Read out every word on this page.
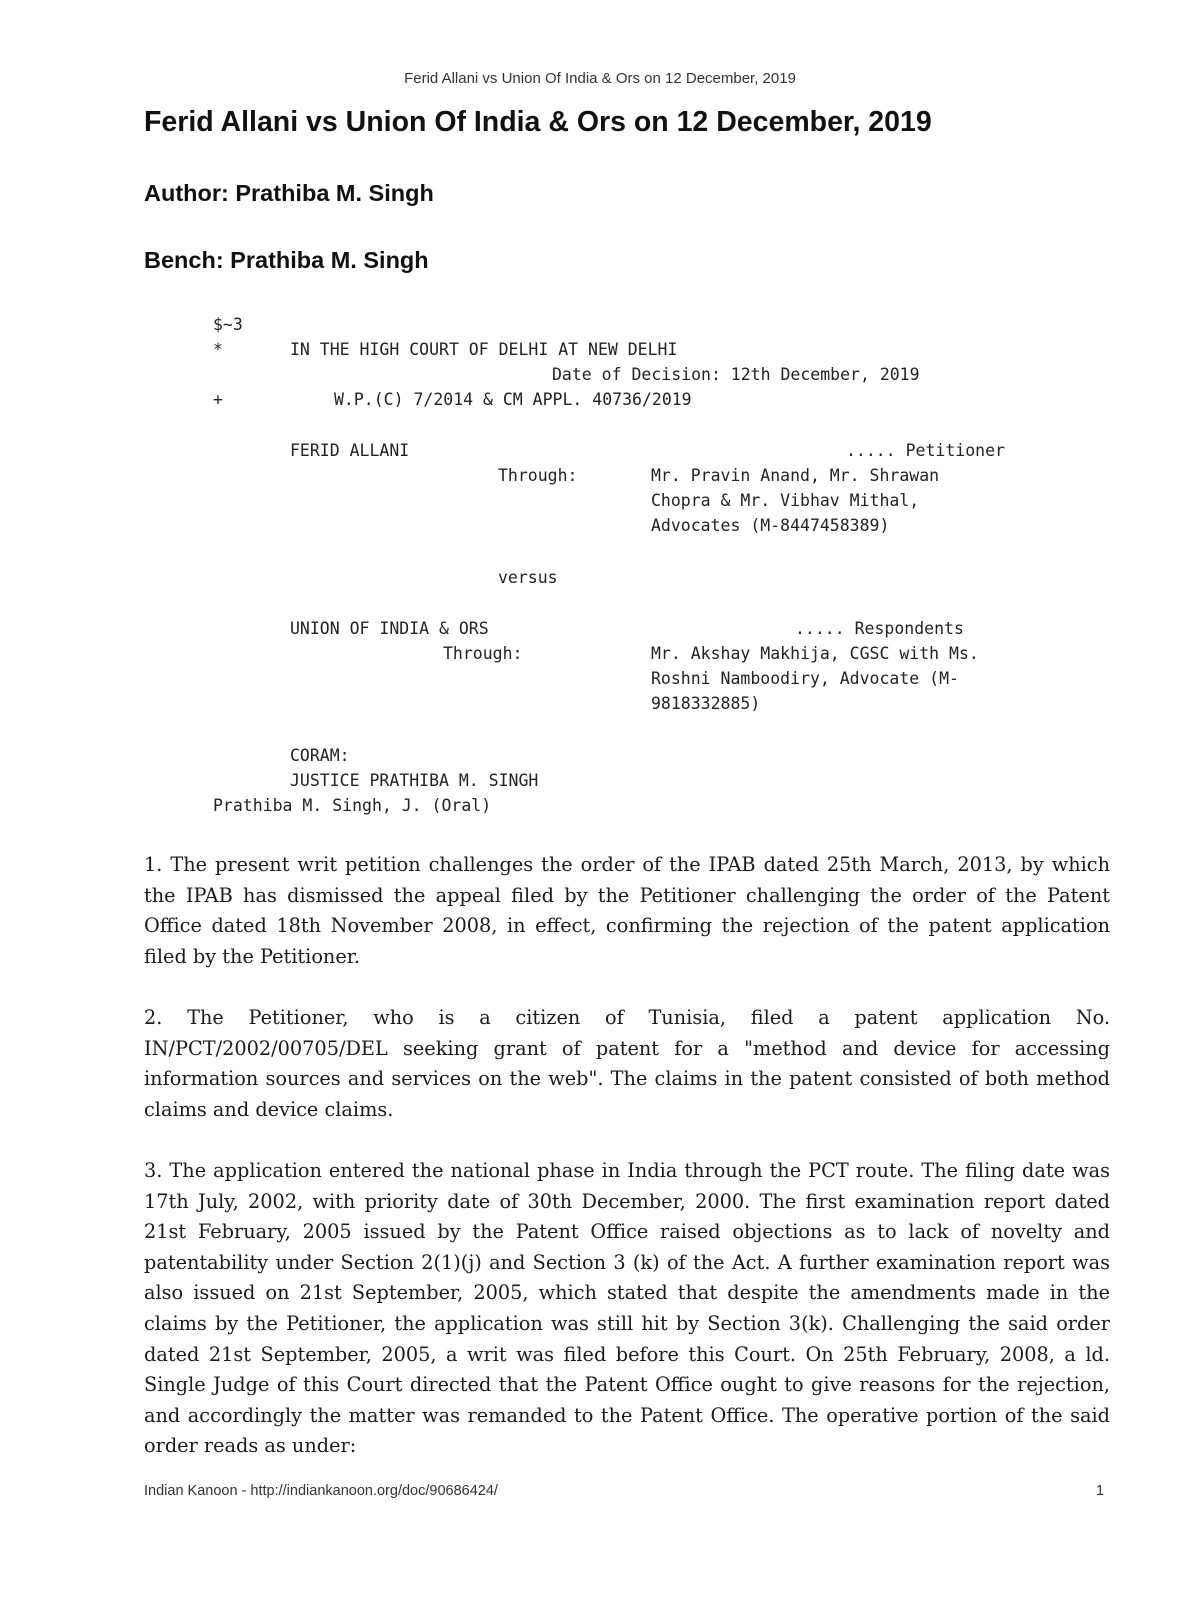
Ferid Allani vs Union Of India & Ors on 12 December, 2019
Ferid Allani vs Union Of India & Ors on 12 December, 2019
Author: Prathiba M. Singh
Bench: Prathiba M. Singh
$~3
*	IN THE HIGH COURT OF DELHI AT NEW DELHI
Date of Decision: 12th December, 2019
+	W.P.(C) 7/2014 & CM APPL. 40736/2019
FERID ALLANI	..... Petitioner
Through:	Mr. Pravin Anand, Mr. Shrawan
Chopra & Mr. Vibhav Mithal,
Advocates (M-8447458389)
versus
UNION OF INDIA & ORS	..... Respondents
Through:	Mr. Akshay Makhija, CGSC with Ms.
Roshni Namboodiry, Advocate (M-
9818332885)
CORAM:
JUSTICE PRATHIBA M. SINGH
Prathiba M. Singh, J. (Oral)

1. The present writ petition challenges the order of the IPAB dated 25th March, 2013, by which the IPAB has dismissed the appeal filed by the Petitioner challenging the order of the Patent Office dated 18th November 2008, in effect, confirming the rejection of the patent application filed by the Petitioner.

2. The Petitioner, who is a citizen of Tunisia, filed a patent application No. IN/PCT/2002/00705/DEL seeking grant of patent for a "method and device for accessing information sources and services on the web". The claims in the patent consisted of both method claims and device claims.

3. The application entered the national phase in India through the PCT route. The filing date was 17th July, 2002, with priority date of 30th December, 2000. The first examination report dated 21st February, 2005 issued by the Patent Office raised objections as to lack of novelty and patentability under Section 2(1)(j) and Section 3 (k) of the Act. A further examination report was also issued on 21st September, 2005, which stated that despite the amendments made in the claims by the Petitioner, the application was still hit by Section 3(k). Challenging the said order dated 21st September, 2005, a writ was filed before this Court. On 25th February, 2008, a ld. Single Judge of this Court directed that the Patent Office ought to give reasons for the rejection, and accordingly the matter was remanded to the Patent Office. The operative portion of the said order reads as under:

Indian Kanoon - http://indiankanoon.org/doc/90686424/	1
